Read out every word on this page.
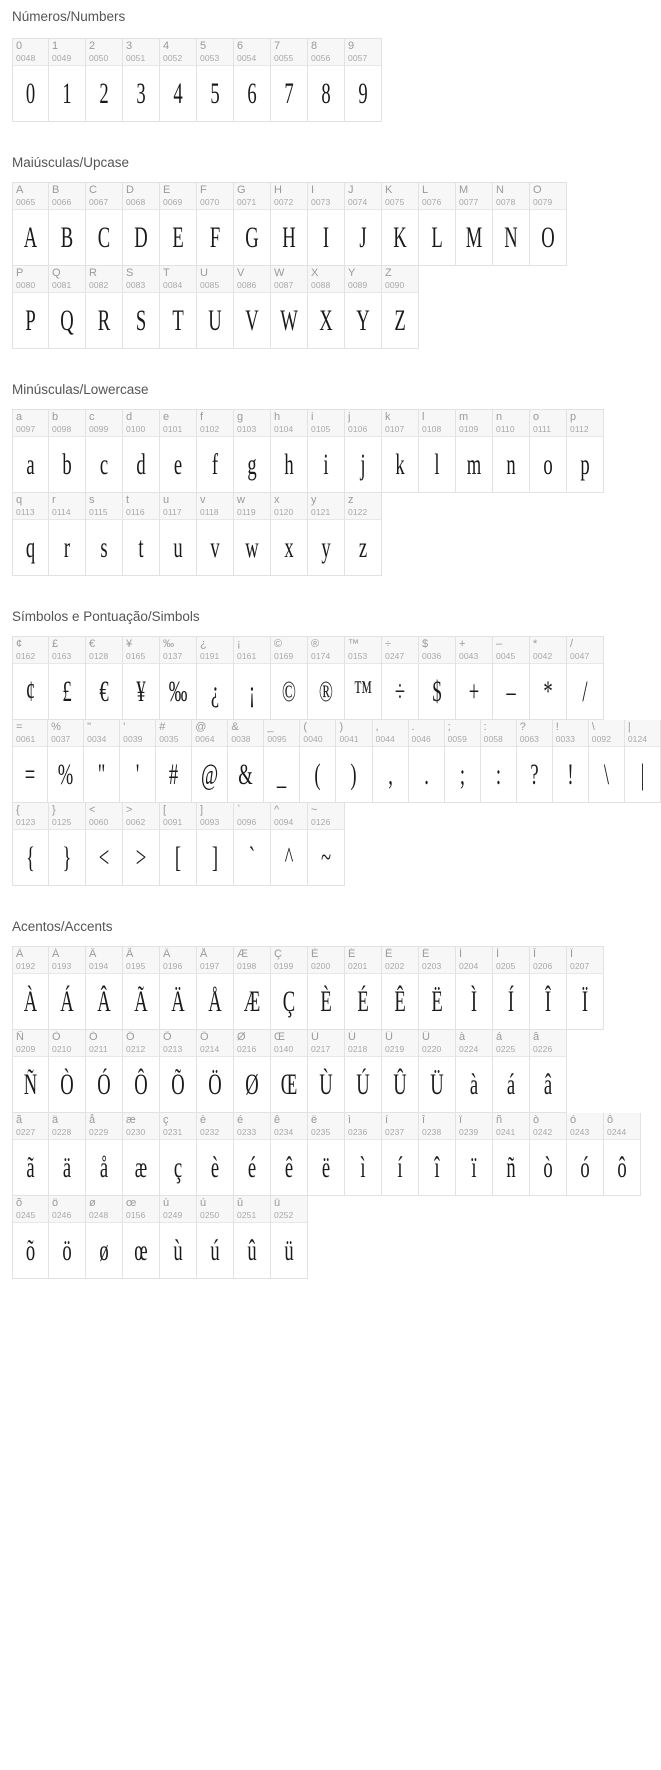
Números/Numbers
0
0048
0
1
0049
1
2
0050
2
3
0051
3
4
0052
4
5
0053
5
6
0054
6
7
0055
7
8
0056
8
9
0057
9
Maiúsculas/Upcase
A
0065
A
B
0066
B
C
0067
C
D
0068
D
E
0069
E
F
0070
F
G
0071
G
H
0072
H
I
0073
I
J
0074
J
K
0075
K
L
0076
L
M
0077
M
N
0078
N
O
0079
O
P
0080
P
Q
0081
Q
R
0082
R
S
0083
S
T
0084
T
U
0085
U
V
0086
V
W
0087
W
X
0088
X
Y
0089
Y
Z
0090
Z
Minúsculas/Lowercase
a
0097
a
b
0098
b
c
0099
c
d
0100
d
e
0101
e
f
0102
f
g
0103
g
h
0104
h
i
0105
i
j
0106
j
k
0107
k
l
0108
l
m
0109
m
n
0110
n
o
0111
o
p
0112
p
q
0113
q
r
0114
r
s
0115
s
t
0116
t
u
0117
u
v
0118
v
w
0119
w
x
0120
x
y
0121
y
z
0122
z
Símbolos e Pontuação/Simbols
¢
0162
¢
£
0163
£
€
0128
€
¥
0165
¥
‰
0137
‰
¿
0191
¿
¡
0161
¡
©
0169
©
®
0174
®
™
0153
™
÷
0247
÷
$
0036
$
+
0043
+
–
0045
–
*
0042
*
/
0047
/
=
0061
=
%
0037
%
"
0034
"
'
0039
'
#
0035
#
@
0064
@
&
0038
&
_
0095
_
(
0040
(
)
0041
)
,
0044
,
.
0046
.
;
0059
;
:
0058
:
?
0063
?
!
0033
!
\
0092
\
|
0124
|
{
0123
{
}
0125
}
<
0060
<
>
0062
>
[
0091
[
]
0093
]
`
0096
`
^
0094
^
~
0126
~
Acentos/Accents
À
0192
À
Á
0193
Á
Â
0194
Â
Ã
0195
Ã
Ä
0196
Ä
Å
0197
Å
Æ
0198
Æ
Ç
0199
Ç
È
0200
È
É
0201
É
Ê
0202
Ê
Ë
0203
Ë
Ì
0204
Ì
Í
0205
Í
Î
0206
Î
Ï
0207
Ï
Ñ
0209
Ñ
Ò
0210
Ò
Ó
0211
Ó
Ô
0212
Ô
Õ
0213
Õ
Ö
0214
Ö
Ø
0216
Ø
Œ
0140
Œ
Ù
0217
Ù
Ú
0218
Ú
Û
0219
Û
Ü
0220
Ü
à
0224
à
á
0225
á
â
0226
â
ã
0227
ã
ä
0228
ä
å
0229
å
æ
0230
æ
ç
0231
ç
è
0232
è
é
0233
é
ê
0234
ê
ë
0235
ë
ì
0236
ì
í
0237
í
î
0238
î
ï
0239
ï
ñ
0241
ñ
ò
0242
ò
ó
0243
ó
ô
0244
ô
õ
0245
õ
ö
0246
ö
ø
0248
ø
œ
0156
œ
ù
0249
ù
ú
0250
ú
û
0251
û
ü
0252
ü
